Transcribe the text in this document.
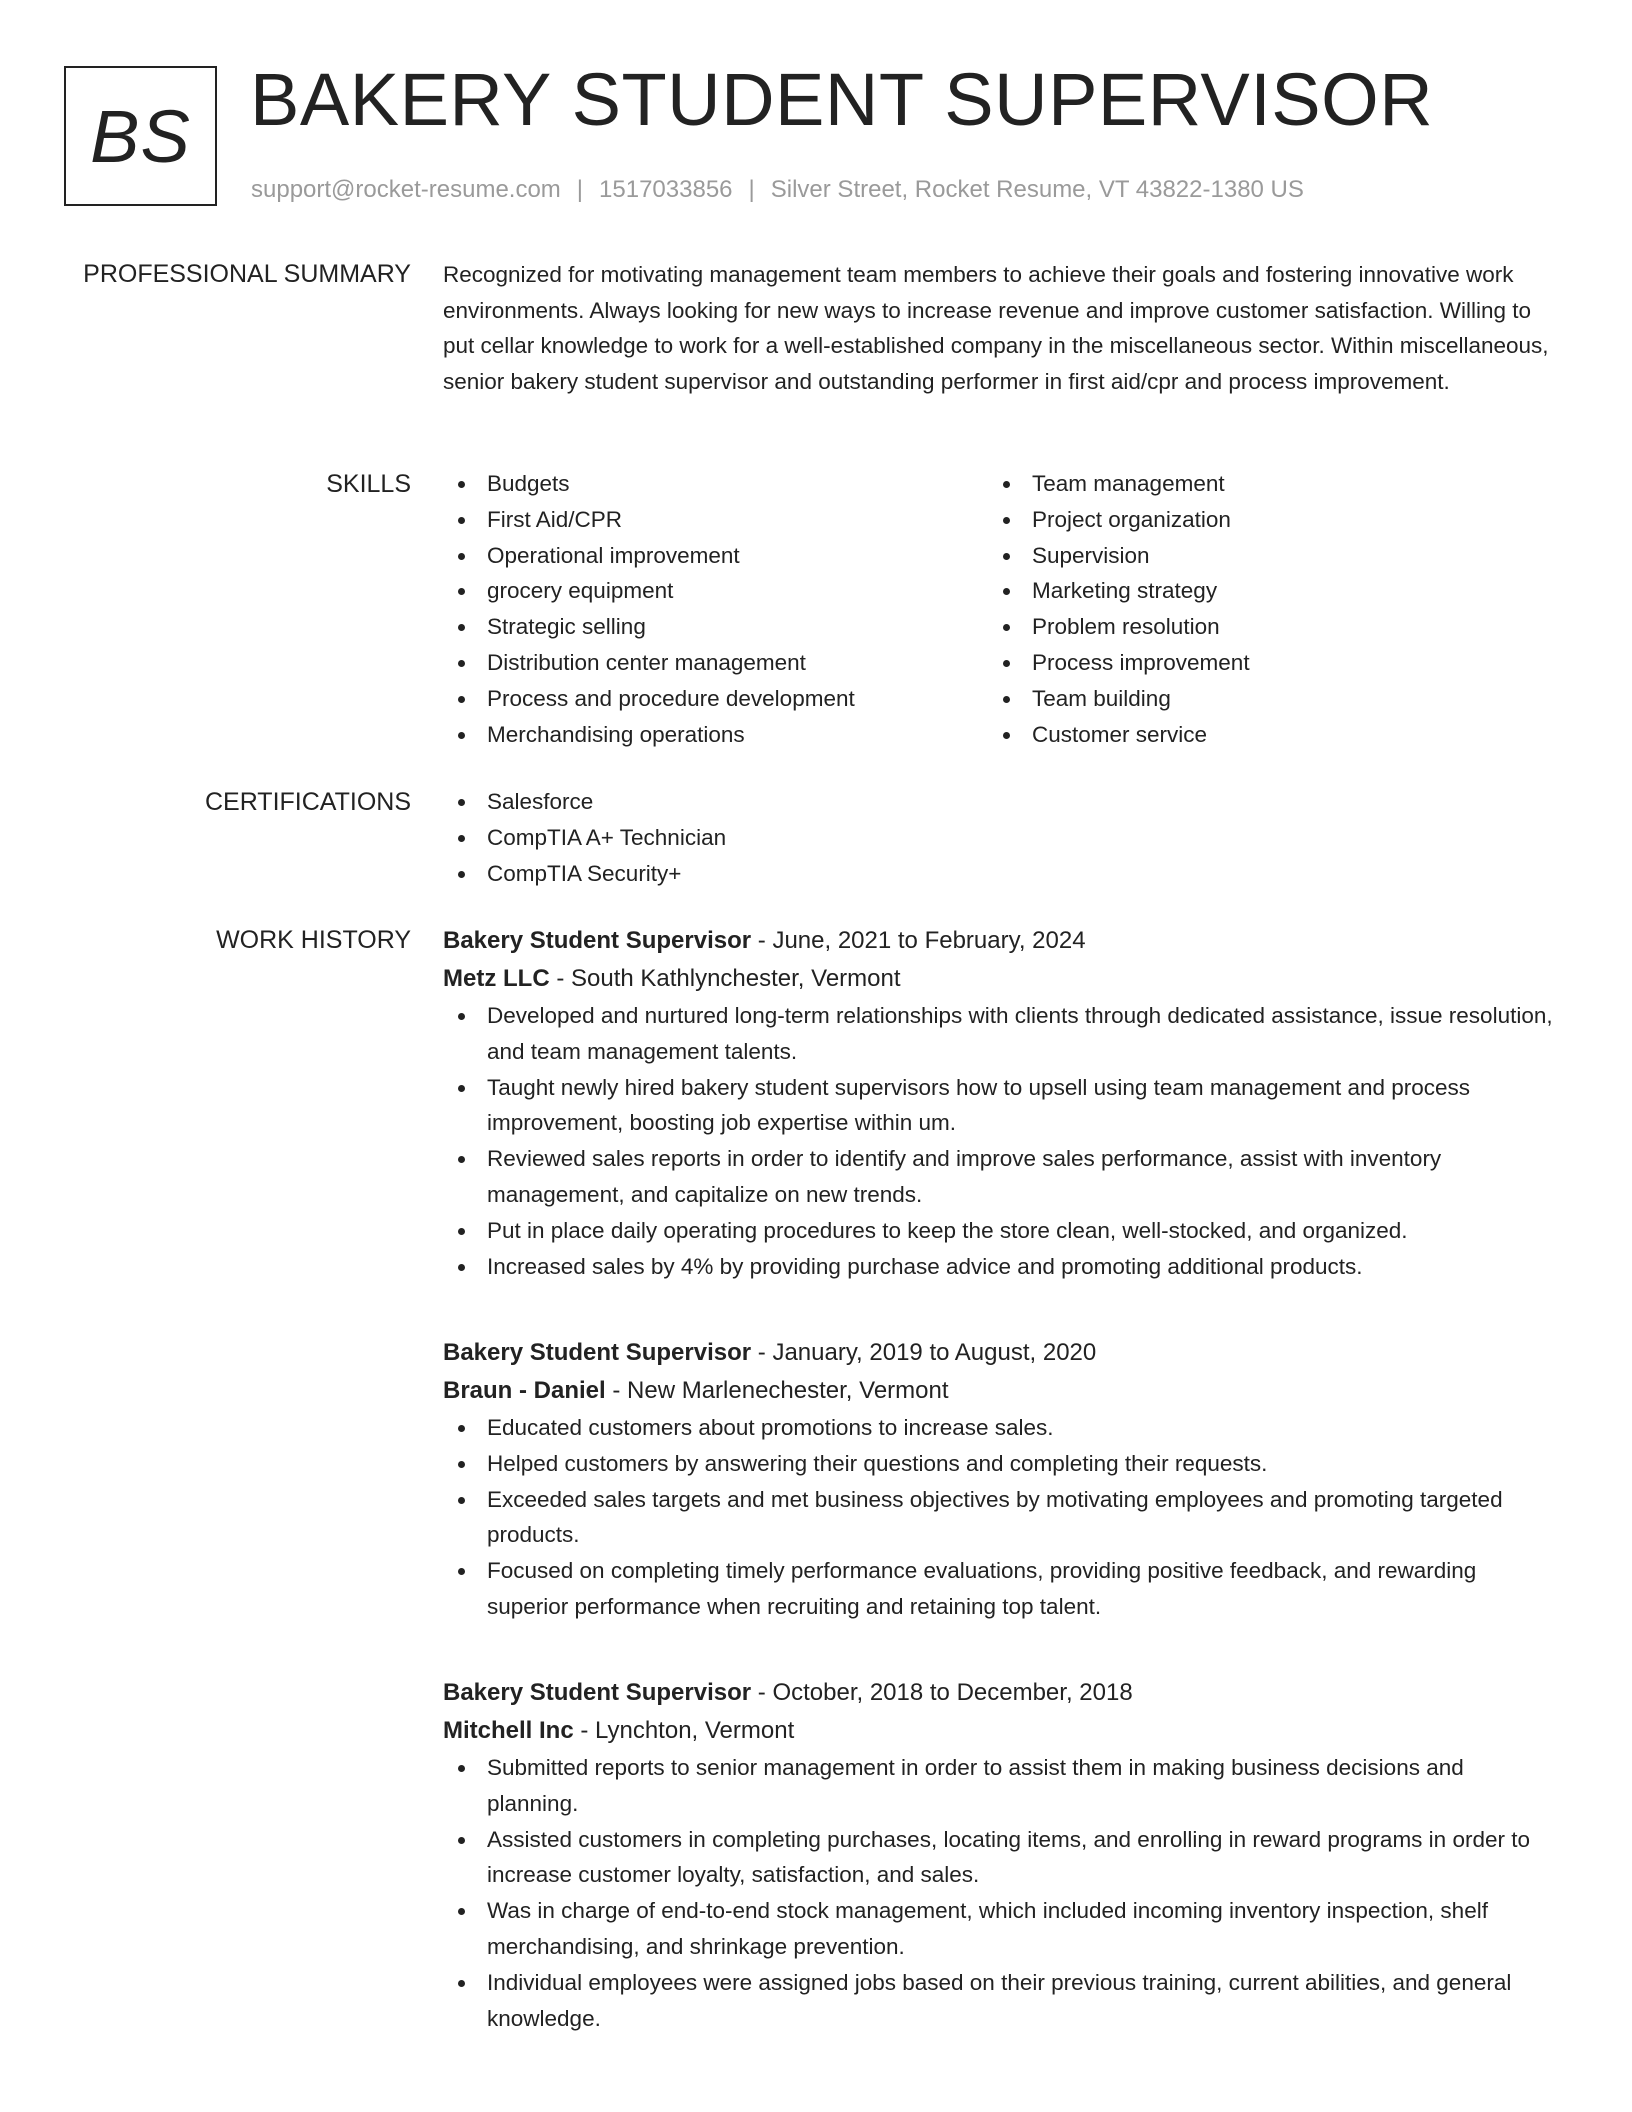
BS BAKERY STUDENT SUPERVISOR
support@rocket-resume.com | 1517033856 | Silver Street, Rocket Resume, VT 43822-1380 US
PROFESSIONAL SUMMARY Recognized for motivating management team members to achieve their goals and fostering innovative work environments. Always looking for new ways to increase revenue and improve customer satisfaction. Willing to put cellar knowledge to work for a well-established company in the miscellaneous sector. Within miscellaneous, senior bakery student supervisor and outstanding performer in first aid/cpr and process improvement.

SKILLS	Budgets
First Aid/CPR
Operational improvement
grocery equipment
Strategic selling
Distribution center management
Process and procedure development
Merchandising operations
Team management
Project organization
Supervision
Marketing strategy
Problem resolution
Process improvement
Team building
Customer service
CERTIFICATIONS	Salesforce
CompTIA A+ Technician
CompTIA Security+
WORK HISTORY Bakery Student Supervisor - June, 2021 to February, 2024
Metz LLC - South Kathlynchester, Vermont
Developed and nurtured long-term relationships with clients through dedicated assistance, issue resolution, and team management talents.
Taught newly hired bakery student supervisors how to upsell using team management and process improvement, boosting job expertise within um.
Reviewed sales reports in order to identify and improve sales performance, assist with inventory management, and capitalize on new trends.
Put in place daily operating procedures to keep the store clean, well-stocked, and organized.
Increased sales by 4% by providing purchase advice and promoting additional products.
Bakery Student Supervisor - January, 2019 to August, 2020
Braun - Daniel - New Marlenechester, Vermont
Educated customers about promotions to increase sales.
Helped customers by answering their questions and completing their requests.
Exceeded sales targets and met business objectives by motivating employees and promoting targeted products.
Focused on completing timely performance evaluations, providing positive feedback, and rewarding superior performance when recruiting and retaining top talent.
Bakery Student Supervisor - October, 2018 to December, 2018
Mitchell Inc - Lynchton, Vermont
Submitted reports to senior management in order to assist them in making business decisions and planning.
Assisted customers in completing purchases, locating items, and enrolling in reward programs in order to increase customer loyalty, satisfaction, and sales.
Was in charge of end-to-end stock management, which included incoming inventory inspection, shelf merchandising, and shrinkage prevention.
Individual employees were assigned jobs based on their previous training, current abilities, and general knowledge.
